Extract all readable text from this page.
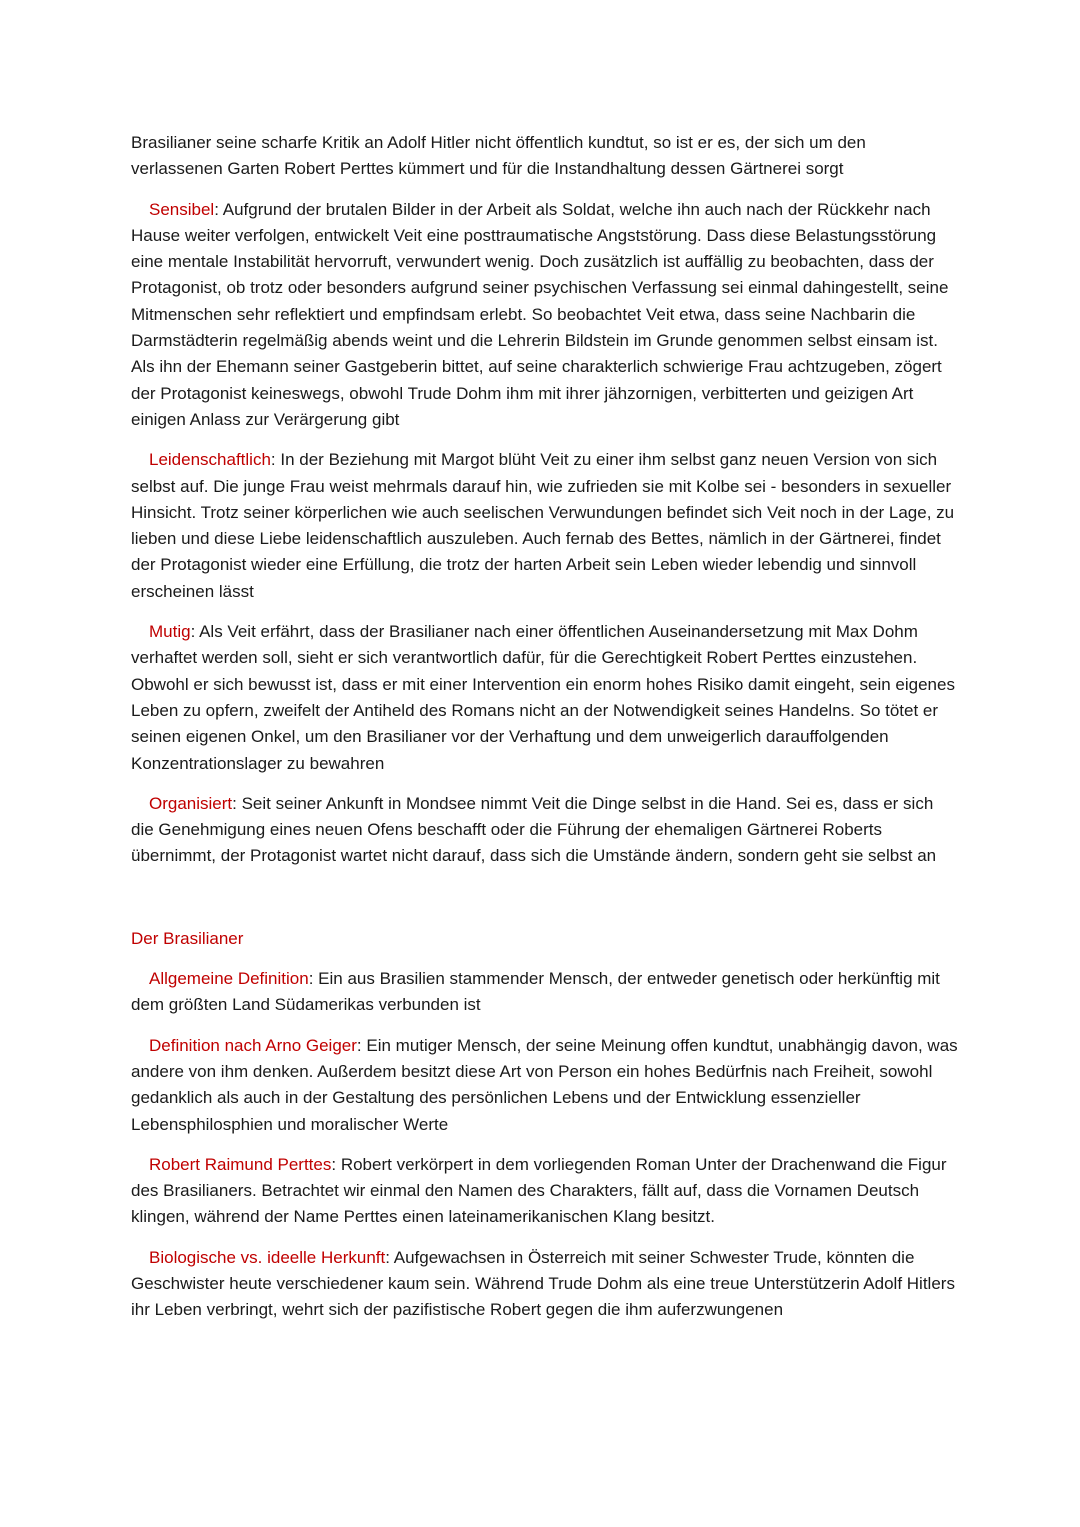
Brasilianer seine scharfe Kritik an Adolf Hitler nicht öffentlich kundtut, so ist er es, der sich um den verlassenen Garten Robert Perttes kümmert und für die Instandhaltung dessen Gärtnerei sorgt

Sensibel: Aufgrund der brutalen Bilder in der Arbeit als Soldat, welche ihn auch nach der Rückkehr nach Hause weiter verfolgen, entwickelt Veit eine posttraumatische Angststörung. Dass diese Belastungsstörung eine mentale Instabilität hervorruft, verwundert wenig. Doch zusätzlich ist auffällig zu beobachten, dass der Protagonist, ob trotz oder besonders aufgrund seiner psychischen Verfassung sei einmal dahingestellt, seine Mitmenschen sehr reflektiert und empfindsam erlebt. So beobachtet Veit etwa, dass seine Nachbarin die Darmstädterin regelmäßig abends weint und die Lehrerin Bildstein im Grunde genommen selbst einsam ist. Als ihn der Ehemann seiner Gastgeberin bittet, auf seine charakterlich schwierige Frau achtzugeben, zögert der Protagonist keineswegs, obwohl Trude Dohm ihm mit ihrer jähzornigen, verbitterten und geizigen Art einigen Anlass zur Verärgerung gibt

Leidenschaftlich: In der Beziehung mit Margot blüht Veit zu einer ihm selbst ganz neuen Version von sich selbst auf. Die junge Frau weist mehrmals darauf hin, wie zufrieden sie mit Kolbe sei - besonders in sexueller Hinsicht. Trotz seiner körperlichen wie auch seelischen Verwundungen befindet sich Veit noch in der Lage, zu lieben und diese Liebe leidenschaftlich auszuleben. Auch fernab des Bettes, nämlich in der Gärtnerei, findet der Protagonist wieder eine Erfüllung, die trotz der harten Arbeit sein Leben wieder lebendig und sinnvoll erscheinen lässt

Mutig: Als Veit erfährt, dass der Brasilianer nach einer öffentlichen Auseinandersetzung mit Max Dohm verhaftet werden soll, sieht er sich verantwortlich dafür, für die Gerechtigkeit Robert Perttes einzustehen. Obwohl er sich bewusst ist, dass er mit einer Intervention ein enorm hohes Risiko damit eingeht, sein eigenes Leben zu opfern, zweifelt der Antiheld des Romans nicht an der Notwendigkeit seines Handelns. So tötet er seinen eigenen Onkel, um den Brasilianer vor der Verhaftung und dem unweigerlich darauffolgenden Konzentrationslager zu bewahren

Organisiert: Seit seiner Ankunft in Mondsee nimmt Veit die Dinge selbst in die Hand. Sei es, dass er sich die Genehmigung eines neuen Ofens beschafft oder die Führung der ehemaligen Gärtnerei Roberts übernimmt, der Protagonist wartet nicht darauf, dass sich die Umstände ändern, sondern geht sie selbst an

Der Brasilianer

Allgemeine Definition: Ein aus Brasilien stammender Mensch, der entweder genetisch oder herkünftig mit dem größten Land Südamerikas verbunden ist

Definition nach Arno Geiger: Ein mutiger Mensch, der seine Meinung offen kundtut, unabhängig davon, was andere von ihm denken. Außerdem besitzt diese Art von Person ein hohes Bedürfnis nach Freiheit, sowohl gedanklich als auch in der Gestaltung des persönlichen Lebens und der Entwicklung essenzieller Lebensphilosphien und moralischer Werte

Robert Raimund Perttes: Robert verkörpert in dem vorliegenden Roman Unter der Drachenwand die Figur des Brasilianers. Betrachtet wir einmal den Namen des Charakters, fällt auf, dass die Vornamen Deutsch klingen, während der Name Perttes einen lateinamerikanischen Klang besitzt.

Biologische vs. ideelle Herkunft: Aufgewachsen in Österreich mit seiner Schwester Trude, könnten die Geschwister heute verschiedener kaum sein. Während Trude Dohm als eine treue Unterstützerin Adolf Hitlers ihr Leben verbringt, wehrt sich der pazifistische Robert gegen die ihm auferzwungenen
